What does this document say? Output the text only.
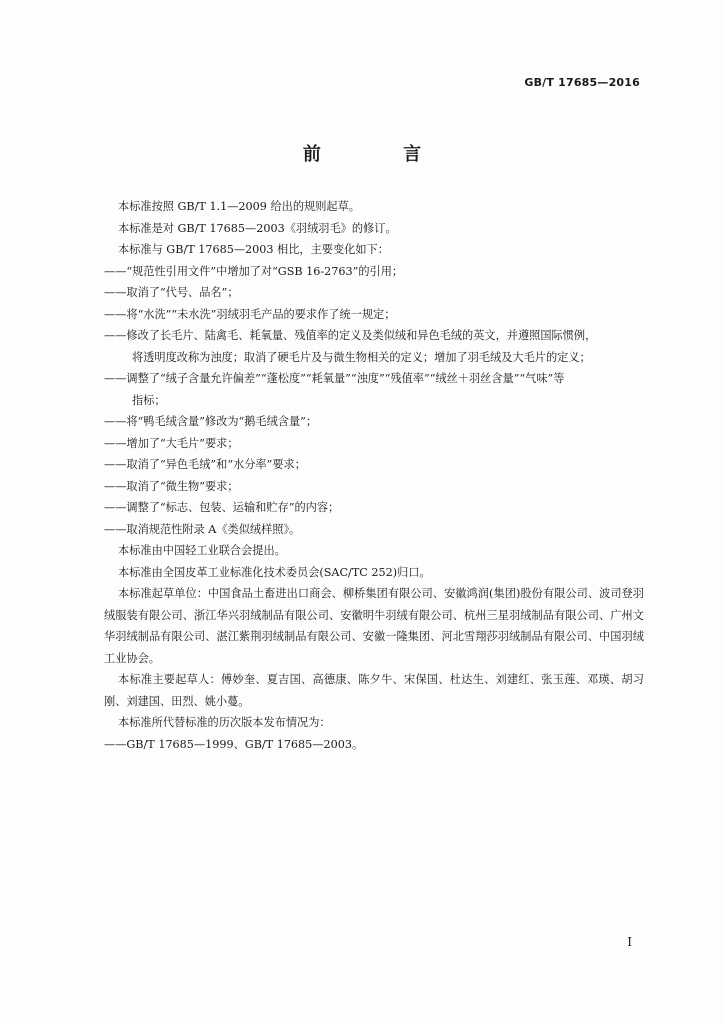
GB/T 17685—2016
前 言

本标准按照 GB/T 1.1—2009 给出的规则起草。

本标准是对 GB/T 17685—2003《羽绒羽毛》的修订。

本标准与 GB/T 17685—2003 相比，主要变化如下：

——“规范性引用文件”中增加了对“GSB 16-2763”的引用；

——取消了“代号、品名”；

——将“水洗”“未水洗”羽绒羽毛产品的要求作了统一规定；

——修改了长毛片、陆禽毛、耗氧量、残值率的定义及类似绒和异色毛绒的英文，并遵照国际惯例，

将透明度改称为浊度；取消了硬毛片及与微生物相关的定义；增加了羽毛绒及大毛片的定义；

——调整了“绒子含量允许偏差”“蓬松度”“耗氧量”“浊度”“残值率”“绒丝＋羽丝含量”“气味”等

指标；

——将“鸭毛绒含量”修改为“鹅毛绒含量”；

——增加了“大毛片”要求；

——取消了“异色毛绒”和“水分率”要求；

——取消了“微生物”要求；

——调整了“标志、包装、运输和贮存”的内容；

——取消规范性附录 A《类似绒样照》。

本标准由中国轻工业联合会提出。

本标准由全国皮革工业标准化技术委员会(SAC/TC 252)归口。

本标准起草单位：中国食品土畜进出口商会、柳桥集团有限公司、安徽鸿润(集团)股份有限公司、波司登羽绒服装有限公司、浙江华兴羽绒制品有限公司、安徽明牛羽绒有限公司、杭州三星羽绒制品有限公司、广州文华羽绒制品有限公司、湛江紫荆羽绒制品有限公司、安徽一隆集团、河北雪翔莎羽绒制品有限公司、中国羽绒工业协会。

本标准主要起草人：傅妙奎、夏吉国、高德康、陈夕牛、宋保国、杜达生、刘建红、张玉莲、邓瑛、胡习刚、刘建国、田烈、姚小蔓。

本标准所代替标准的历次版本发布情况为：

——GB/T 17685—1999、GB/T 17685—2003。

I
